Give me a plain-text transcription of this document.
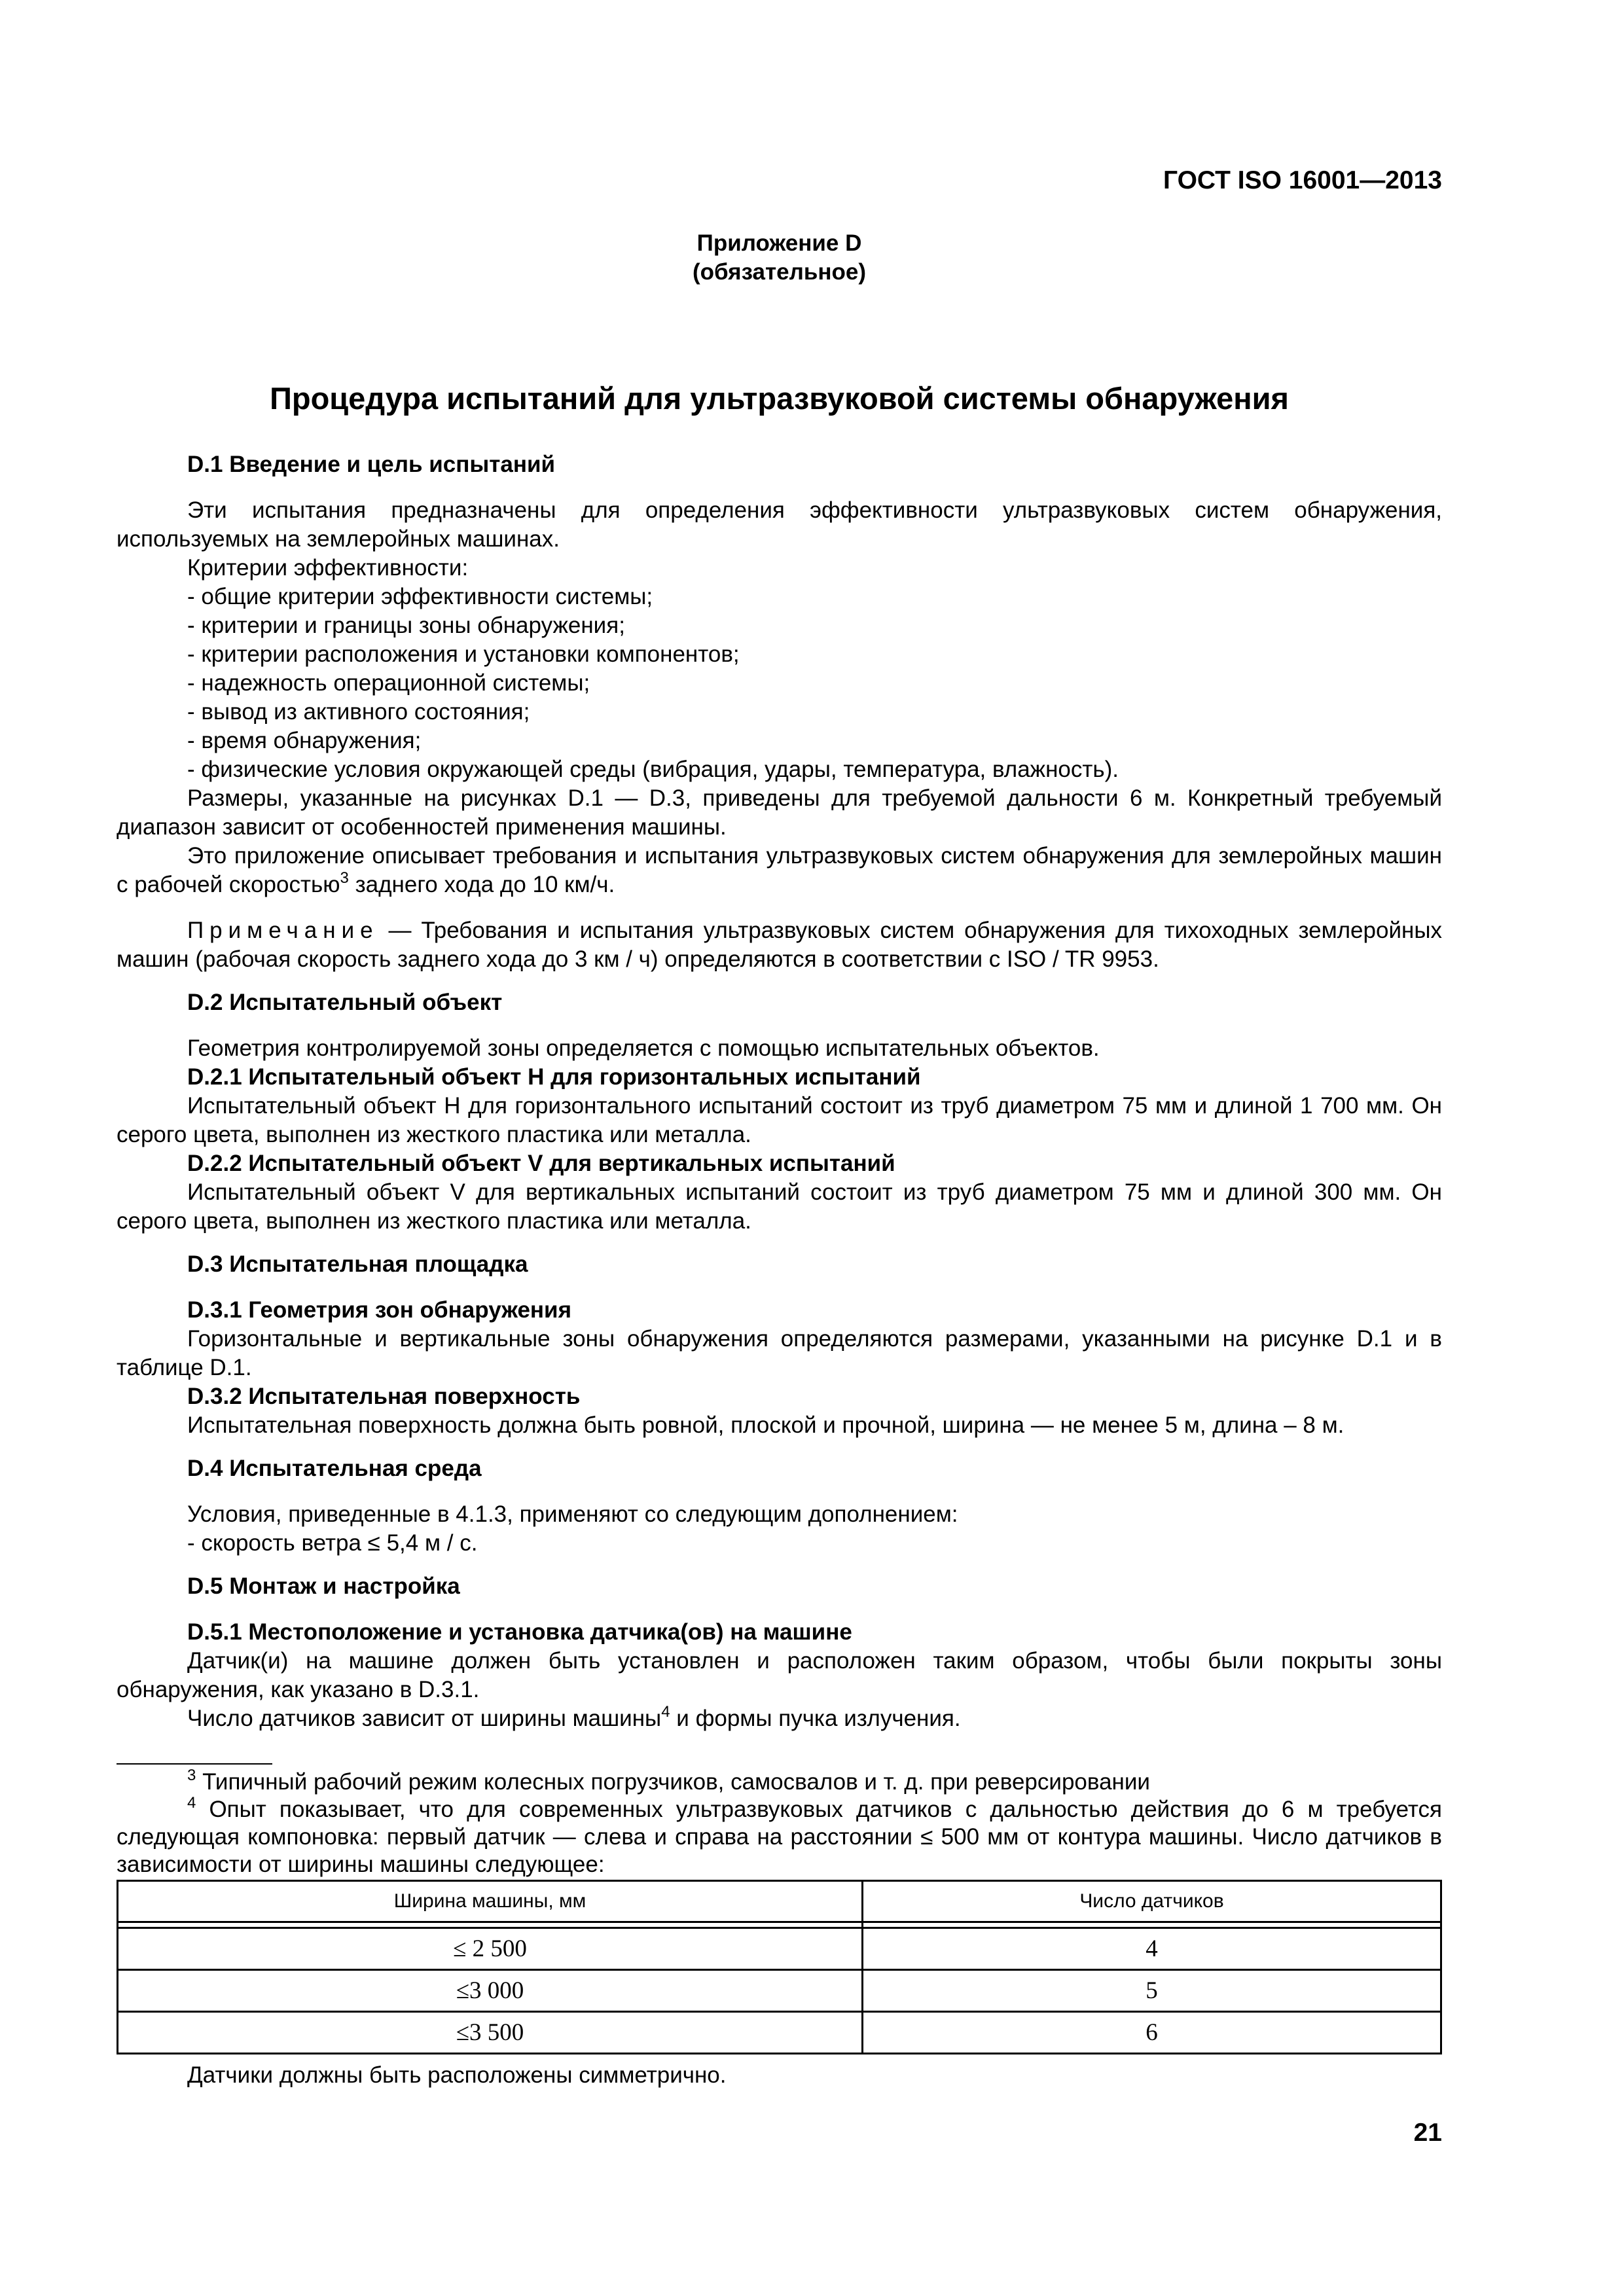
ГОСТ ISO 16001—2013
Приложение D
(обязательное)
Процедура испытаний для ультразвуковой системы обнаружения

D.1 Введение и цель испытаний

Эти испытания предназначены для определения эффективности ультразвуковых систем обнаружения, используемых на землеройных машинах.

Критерии эффективности:

- общие критерии эффективности системы;

- критерии и границы зоны обнаружения;

- критерии расположения и установки компонентов;

- надежность операционной системы;

- вывод из активного состояния;

- время обнаружения;

- физические условия окружающей среды (вибрация, удары, температура, влажность).

Размеры, указанные на рисунках D.1 — D.3, приведены для требуемой дальности 6 м. Конкретный требуемый диапазон зависит от особенностей применения машины.

Это приложение описывает требования и испытания ультразвуковых систем обнаружения для землеройных машин с рабочей скоростью$^3$ заднего хода до 10 км/ч.

Примечание — Требования и испытания ультразвуковых систем обнаружения для тихоходных землеройных машин (рабочая скорость заднего хода до 3 км / ч) определяются в соответствии с ISO / TR 9953.

D.2 Испытательный объект

Геометрия контролируемой зоны определяется с помощью испытательных объектов.

D.2.1 Испытательный объект H для горизонтальных испытаний

Испытательный объект H для горизонтального испытаний состоит из труб диаметром 75 мм и длиной 1 700 мм. Он серого цвета, выполнен из жесткого пластика или металла.

D.2.2 Испытательный объект V для вертикальных испытаний

Испытательный объект V для вертикальных испытаний состоит из труб диаметром 75 мм и длиной 300 мм. Он серого цвета, выполнен из жесткого пластика или металла.

D.3 Испытательная площадка

D.3.1 Геометрия зон обнаружения

Горизонтальные и вертикальные зоны обнаружения определяются размерами, указанными на рисунке D.1 и в таблице D.1.

D.3.2 Испытательная поверхность

Испытательная поверхность должна быть ровной, плоской и прочной, ширина — не менее 5 м, длина – 8 м.

D.4 Испытательная среда

Условия, приведенные в 4.1.3, применяют со следующим дополнением:

- скорость ветра ≤ 5,4 м / с.

D.5 Монтаж и настройка

D.5.1 Местоположение и установка датчика(ов) на машине

Датчик(и) на машине должен быть установлен и расположен таким образом, чтобы были покрыты зоны обнаружения, как указано в D.3.1.

Число датчиков зависит от ширины машины$^4$ и формы пучка излучения.

$^3$ Типичный рабочий режим колесных погрузчиков, самосвалов и т. д. при реверсировании

$^4$ Опыт показывает, что для современных ультразвуковых датчиков с дальностью действия до 6 м требуется следующая компоновка: первый датчик — слева и справа на расстоянии ≤ 500 мм от контура машины. Число датчиков в зависимости от ширины машины следующее:

Ширина машины, мм	Число датчиков

≤ 2 500	4
≤3 000	5
≤3 500	6

Датчики должны быть расположены симметрично.

21
